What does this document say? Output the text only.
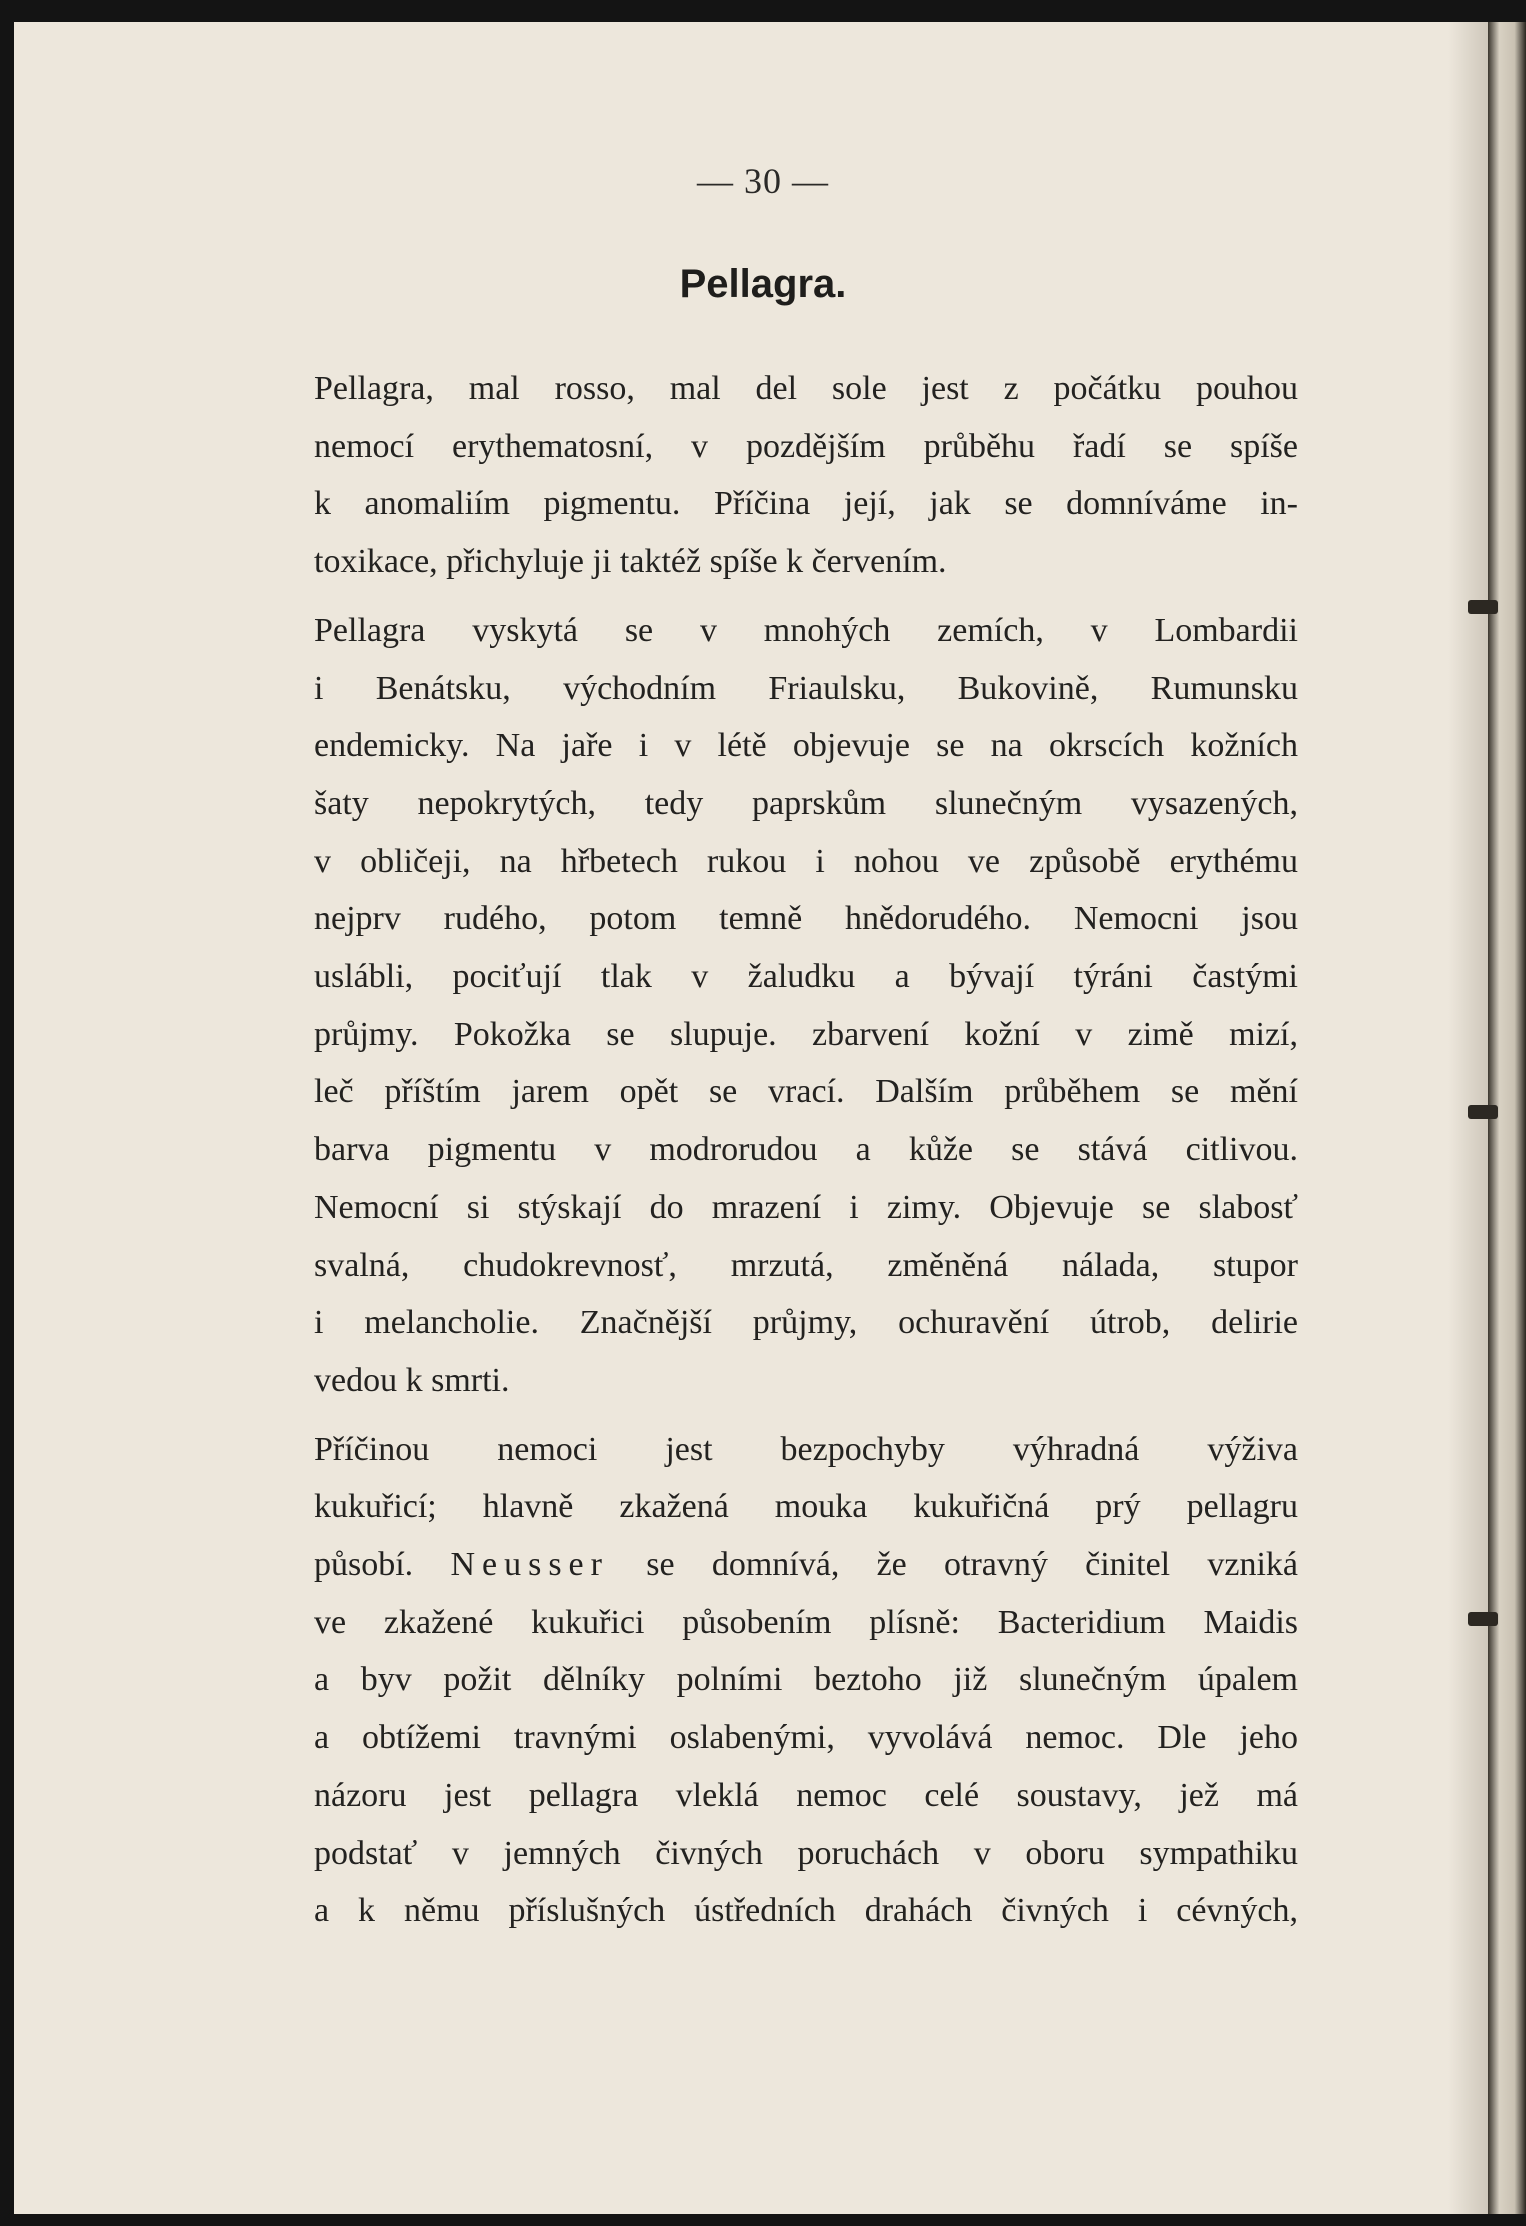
— 30 —
Pellagra.

Pellagra, mal rosso, mal del sole jest z počátku pouhou
nemocí erythematosní, v pozdějším průběhu řadí se spíše
k anomaliím pigmentu. Příčina její, jak se domníváme in-
toxikace, přichyluje ji taktéž spíše k červením.

Pellagra vyskytá se v mnohých zemích, v Lombardii
i Benátsku, východním Friaulsku, Bukovině, Rumunsku
endemicky. Na jaře i v létě objevuje se na okrscích kožních
šaty nepokrytých, tedy paprskům slunečným vysazených,
v obličeji, na hřbetech rukou i nohou ve způsobě erythému
nejprv rudého, potom temně hnědorudého. Nemocni jsou
uslábli, pociťují tlak v žaludku a bývají týráni častými
průjmy. Pokožka se slupuje. zbarvení kožní v zimě mizí,
leč příštím jarem opět se vrací. Dalším průběhem se mění
barva pigmentu v modrorudou a kůže se stává citlivou.
Nemocní si stýskají do mrazení i zimy. Objevuje se slabosť
svalná, chudokrevnosť, mrzutá, změněná nálada, stupor
i melancholie. Značnější průjmy, ochuravění útrob, delirie
vedou k smrti.

Příčinou nemoci jest bezpochyby výhradná výživa
kukuřicí; hlavně zkažená mouka kukuřičná prý pellagru
působí. Neusser se domnívá, že otravný činitel vzniká
ve zkažené kukuřici působením plísně: Bacteridium Maidis
a byv požit dělníky polními beztoho již slunečným úpalem
a obtížemi travnými oslabenými, vyvolává nemoc. Dle jeho
názoru jest pellagra vleklá nemoc celé soustavy, jež má
podstať v jemných čivných poruchách v oboru sympathiku
a k němu příslušných ústředních drahách čivných i cévných,
